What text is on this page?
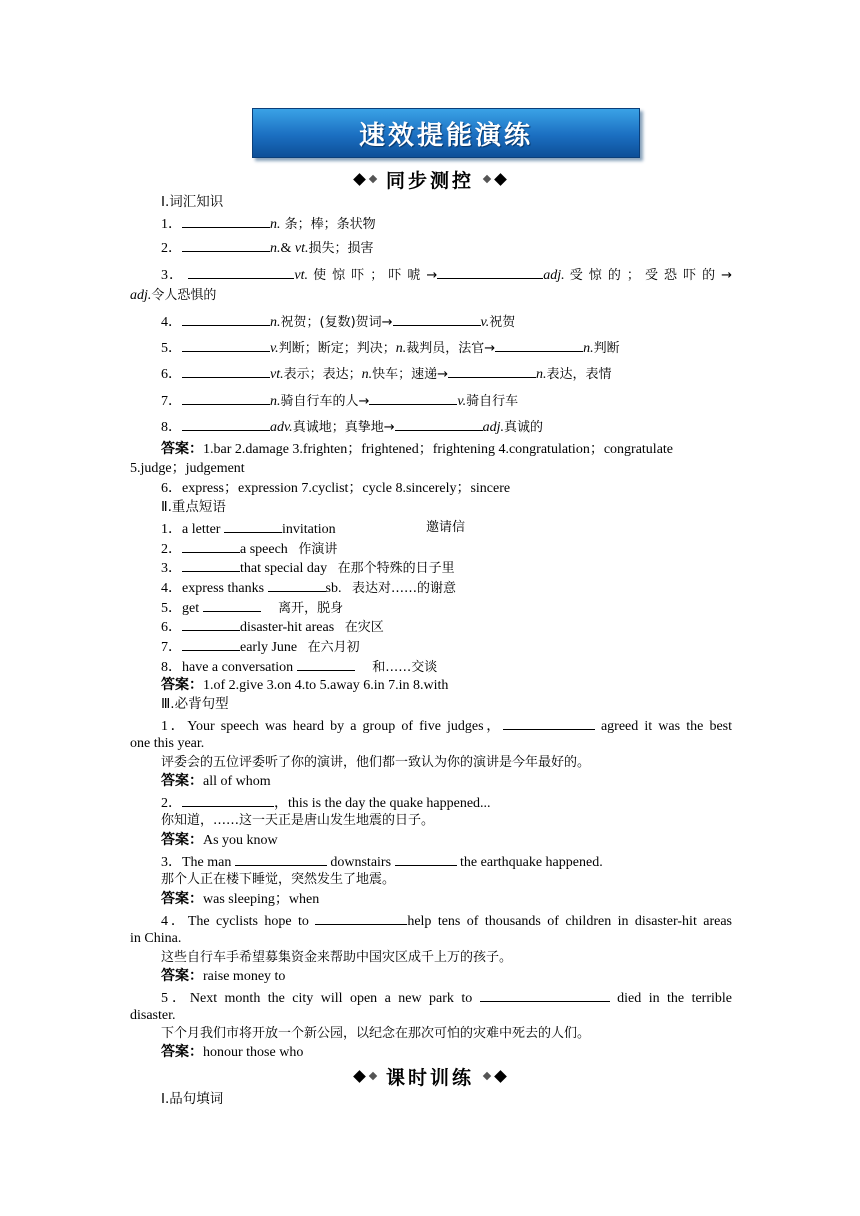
速效提能演练
同步测控
Ⅰ.词汇知识
1．	n. 条；棒；条状物
2．	n.& vt.损失；损害
3．	vt. 使 惊 吓 ； 吓 唬 →	adj. 受 惊 的 ； 受 恐 吓 的 →
adj.令人恐惧的
4．	n.祝贺；(复数)贺词→	v.祝贺
5．	v.判断；断定；判决；n.裁判员，法官→	n.判断
6．	vt.表示；表达；n.快车；速递→	n.表达，表情
7．	n.骑自行车的人→	v.骑自行车
8．	adv.真诚地；真挚地→	adj.真诚的
答案：1.bar 2.damage 3.frighten；frightened；frightening 4.congratulation；congratulate
5.judge；judgement
6．express；expression 7.cyclist；cycle 8.sincerely；sincere
Ⅱ.重点短语
1．a letter	invitation	邀请信
2．	a speech 作演讲
3．	that special day 在那个特殊的日子里
4．express thanks	sb. 表达对……的谢意
5．get	离开，脱身
6．	disaster-hit areas 在灾区
7．	early June 在六月初
8．have a conversation	和……交谈
答案：1.of 2.give 3.on 4.to 5.away 6.in 7.in 8.with
Ⅲ.必背句型
1．Your speech was heard by a group of five judges，	agreed it was the best
one this year.
评委会的五位评委听了你的演讲，他们都一致认为你的演讲是今年最好的。
答案：all of whom
2．	，this is the day the quake happened...
你知道，……这一天正是唐山发生地震的日子。
答案：As you know
3．The man	downstairs	the earthquake happened.
那个人正在楼下睡觉，突然发生了地震。
答案：was sleeping；when
4．The cyclists hope to	help tens of thousands of children in disaster-hit areas
in China.
这些自行车手希望募集资金来帮助中国灾区成千上万的孩子。
答案：raise money to
5．Next month the city will open a new park to	died in the terrible
disaster.
下个月我们市将开放一个新公园，以纪念在那次可怕的灾难中死去的人们。
答案：honour those who
课时训练
Ⅰ.品句填词
